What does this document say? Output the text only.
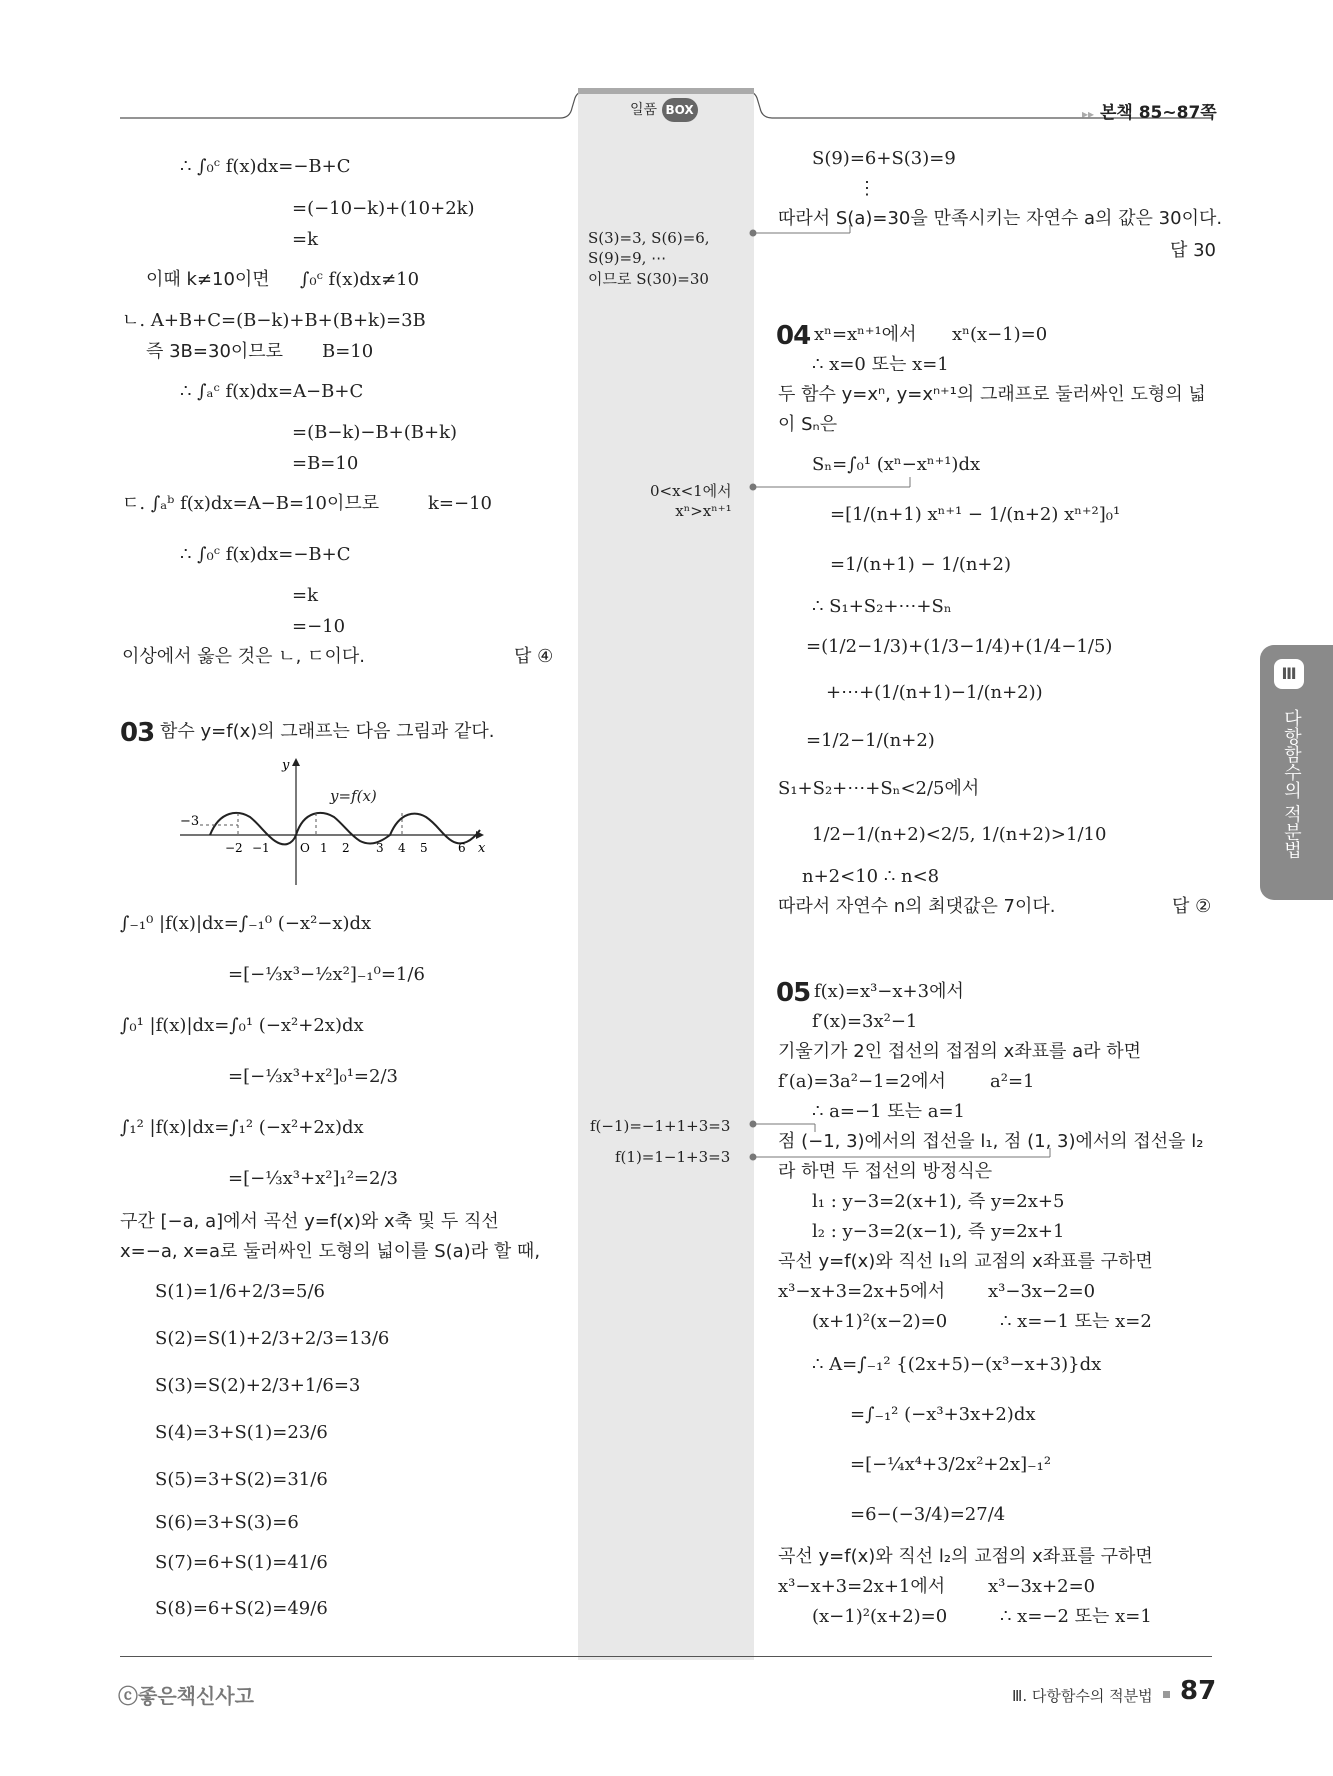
일품 BOX	▸▸ 본책 85~87쪽
Ⅲ
다항함수의 적분법
∴ ∫₀ᶜ f(x)dx=−B+C
=(−10−k)+(10+2k)
=k
이때 k≠10이면 ∫₀ᶜ f(x)dx≠10
ㄴ. A+B+C=(B−k)+B+(B+k)=3B
즉 3B=30이므로 B=10
∴ ∫ₐᶜ f(x)dx=A−B+C
=(B−k)−B+(B+k)
=B=10
ㄷ. ∫ₐᵇ f(x)dx=A−B=10이므로	k=−10
∴ ∫₀ᶜ f(x)dx=−B+C
=k
=−10
이상에서 옳은 것은 ㄴ, ㄷ이다.	답 ④
03 함수 y=f(x)의 그래프는 다음 그림과 같다.
−3
−2 −1	O 1 2 3 4 5	6 x
y
y=f(x)
∫₋₁⁰ |f(x)|dx=∫₋₁⁰ (−x²−x)dx
=[−⅓x³−½x²]₋₁⁰=1/6
∫₀¹ |f(x)|dx=∫₀¹ (−x²+2x)dx
=[−⅓x³+x²]₀¹=2/3
∫₁² |f(x)|dx=∫₁² (−x²+2x)dx
=[−⅓x³+x²]₁²=2/3
구간 [−a, a]에서 곡선 y=f(x)와 x축 및 두 직선
x=−a, x=a로 둘러싸인 도형의 넓이를 S(a)라 할 때,
S(1)=1/6+2/3=5/6
S(2)=S(1)+2/3+2/3=13/6
S(3)=S(2)+2/3+1/6=3
S(4)=3+S(1)=23/6
S(5)=3+S(2)=31/6
S(6)=3+S(3)=6
S(7)=6+S(1)=41/6
S(8)=6+S(2)=49/6
S(3)=3, S(6)=6,
S(9)=9, ⋯
이므로 S(30)=30
0<x<1에서
xⁿ>xⁿ⁺¹
f(−1)=−1+1+3=3
f(1)=1−1+3=3
S(9)=6+S(3)=9
⋮
따라서 S(a)=30을 만족시키는 자연수 a의 값은 30이다.
답 30
04 xⁿ=xⁿ⁺¹에서 xⁿ(x−1)=0
∴ x=0 또는 x=1
두 함수 y=xⁿ, y=xⁿ⁺¹의 그래프로 둘러싸인 도형의 넓
이 Sₙ은
Sₙ=∫₀¹ (xⁿ−xⁿ⁺¹)dx
=[1/(n+1) xⁿ⁺¹ − 1/(n+2) xⁿ⁺²]₀¹
=1/(n+1) − 1/(n+2)
∴ S₁+S₂+⋯+Sₙ
=(1/2−1/3)+(1/3−1/4)+(1/4−1/5)
+⋯+(1/(n+1)−1/(n+2))
=1/2−1/(n+2)
S₁+S₂+⋯+Sₙ<2/5에서
1/2−1/(n+2)<2/5, 1/(n+2)>1/10
n+2<10 ∴ n<8
따라서 자연수 n의 최댓값은 7이다.	답 ②
05 f(x)=x³−x+3에서
f′(x)=3x²−1
기울기가 2인 접선의 접점의 x좌표를 a라 하면
f′(a)=3a²−1=2에서 a²=1
∴ a=−1 또는 a=1
점 (−1, 3)에서의 접선을 l₁, 점 (1, 3)에서의 접선을 l₂
라 하면 두 접선의 방정식은
l₁ : y−3=2(x+1), 즉 y=2x+5
l₂ : y−3=2(x−1), 즉 y=2x+1
곡선 y=f(x)와 직선 l₁의 교점의 x좌표를 구하면
x³−x+3=2x+5에서 x³−3x−2=0
(x+1)²(x−2)=0	∴ x=−1 또는 x=2
∴ A=∫₋₁² {(2x+5)−(x³−x+3)}dx
=∫₋₁² (−x³+3x+2)dx
=[−¼x⁴+3/2x²+2x]₋₁²
=6−(−3/4)=27/4
곡선 y=f(x)와 직선 l₂의 교점의 x좌표를 구하면
x³−x+3=2x+1에서 x³−3x+2=0
(x−1)²(x+2)=0	∴ x=−2 또는 x=1
ⓒ좋은책신사고	Ⅲ. 다항함수의 적분법 87
